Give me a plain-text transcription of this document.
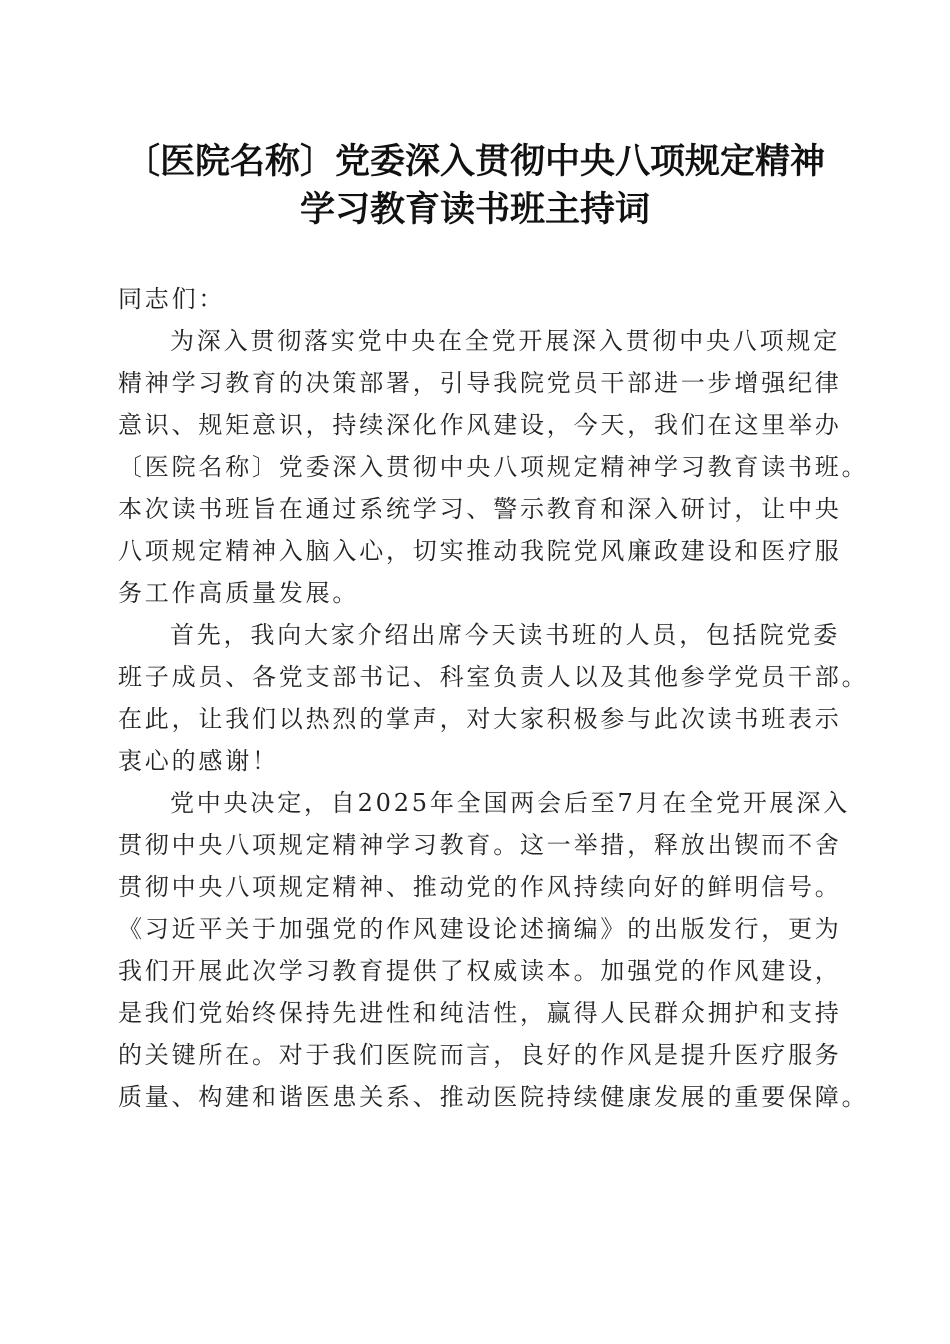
〔医院名称〕党委深入贯彻中央八项规定精神
学习教育读书班主持词
同志们：
为深入贯彻落实党中央在全党开展深入贯彻中央八项规定
精神学习教育的决策部署，引导我院党员干部进一步增强纪律
意识、规矩意识，持续深化作风建设，今天，我们在这里举办
〔医院名称〕党委深入贯彻中央八项规定精神学习教育读书班。
本次读书班旨在通过系统学习、警示教育和深入研讨，让中央
八项规定精神入脑入心，切实推动我院党风廉政建设和医疗服
务工作高质量发展。
首先，我向大家介绍出席今天读书班的人员，包括院党委
班子成员、各党支部书记、科室负责人以及其他参学党员干部。
在此，让我们以热烈的掌声，对大家积极参与此次读书班表示
衷心的感谢！
党中央决定，自2025年全国两会后至7月在全党开展深入
贯彻中央八项规定精神学习教育。这一举措，释放出锲而不舍
贯彻中央八项规定精神、推动党的作风持续向好的鲜明信号。
《习近平关于加强党的作风建设论述摘编》的出版发行，更为
我们开展此次学习教育提供了权威读本。加强党的作风建设，
是我们党始终保持先进性和纯洁性，赢得人民群众拥护和支持
的关键所在。对于我们医院而言，良好的作风是提升医疗服务
质量、构建和谐医患关系、推动医院持续健康发展的重要保障。
